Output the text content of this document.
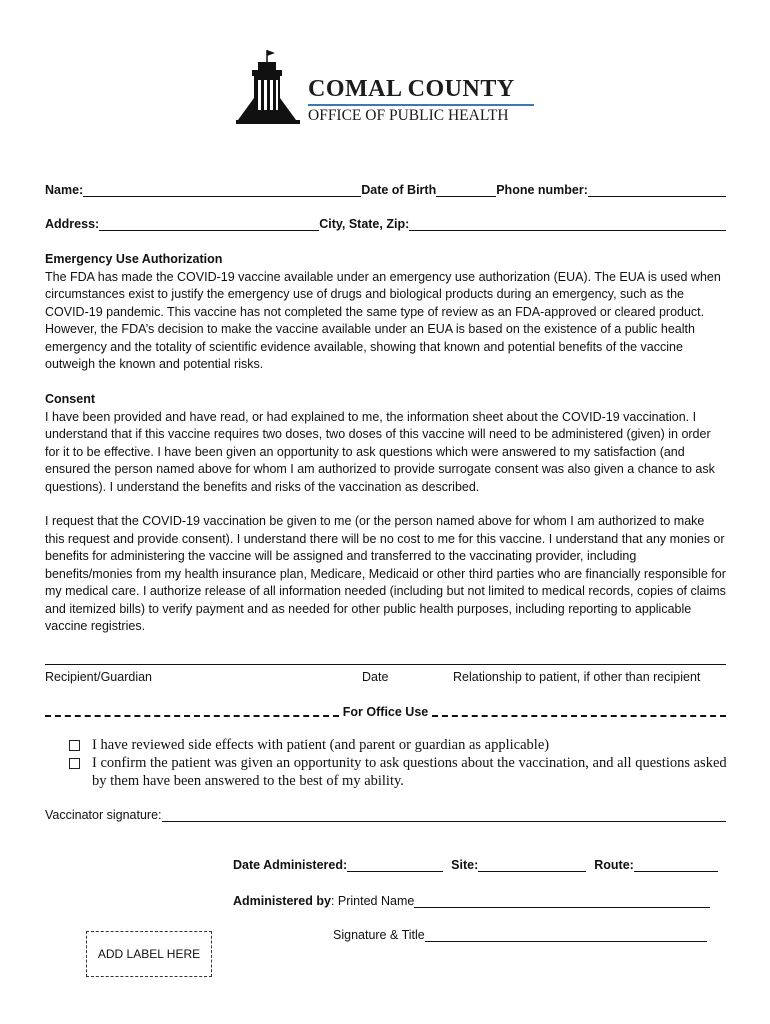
COMAL COUNTY
OFFICE OF PUBLIC HEALTH
Name:	Date of Birth	Phone number:
Address:	City, State, Zip:
Emergency Use Authorization

The FDA has made the COVID-19 vaccine available under an emergency use authorization (EUA). The EUA is used when circumstances exist to justify the emergency use of drugs and biological products during an emergency, such as the COVID-19 pandemic. This vaccine has not completed the same type of review as an FDA-approved or cleared product. However, the FDA’s decision to make the vaccine available under an EUA is based on the existence of a public health emergency and the totality of scientific evidence available, showing that known and potential benefits of the vaccine outweigh the known and potential risks.

Consent

I have been provided and have read, or had explained to me, the information sheet about the COVID-19 vaccination. I understand that if this vaccine requires two doses, two doses of this vaccine will need to be administered (given) in order for it to be effective. I have been given an opportunity to ask questions which were answered to my satisfaction (and ensured the person named above for whom I am authorized to provide surrogate consent was also given a chance to ask questions). I understand the benefits and risks of the vaccination as described.

I request that the COVID-19 vaccination be given to me (or the person named above for whom I am authorized to make this request and provide consent). I understand there will be no cost to me for this vaccine. I understand that any monies or benefits for administering the vaccine will be assigned and transferred to the vaccinating provider, including benefits/monies from my health insurance plan, Medicare, Medicaid or other third parties who are financially responsible for my medical care. I authorize release of all information needed (including but not limited to medical records, copies of claims and itemized bills) to verify payment and as needed for other public health purposes, including reporting to applicable vaccine registries.

Recipient/Guardian	Date	Relationship to patient, if other than recipient
For Office Use
I have reviewed side effects with patient (and parent or guardian as applicable)
I confirm the patient was given an opportunity to ask questions about the vaccination, and all questions asked by them have been answered to the best of my ability.
Vaccinator signature:
Date Administered:	Site:	Route:
Administered by : Printed Name
Signature & Title
ADD LABEL HERE
